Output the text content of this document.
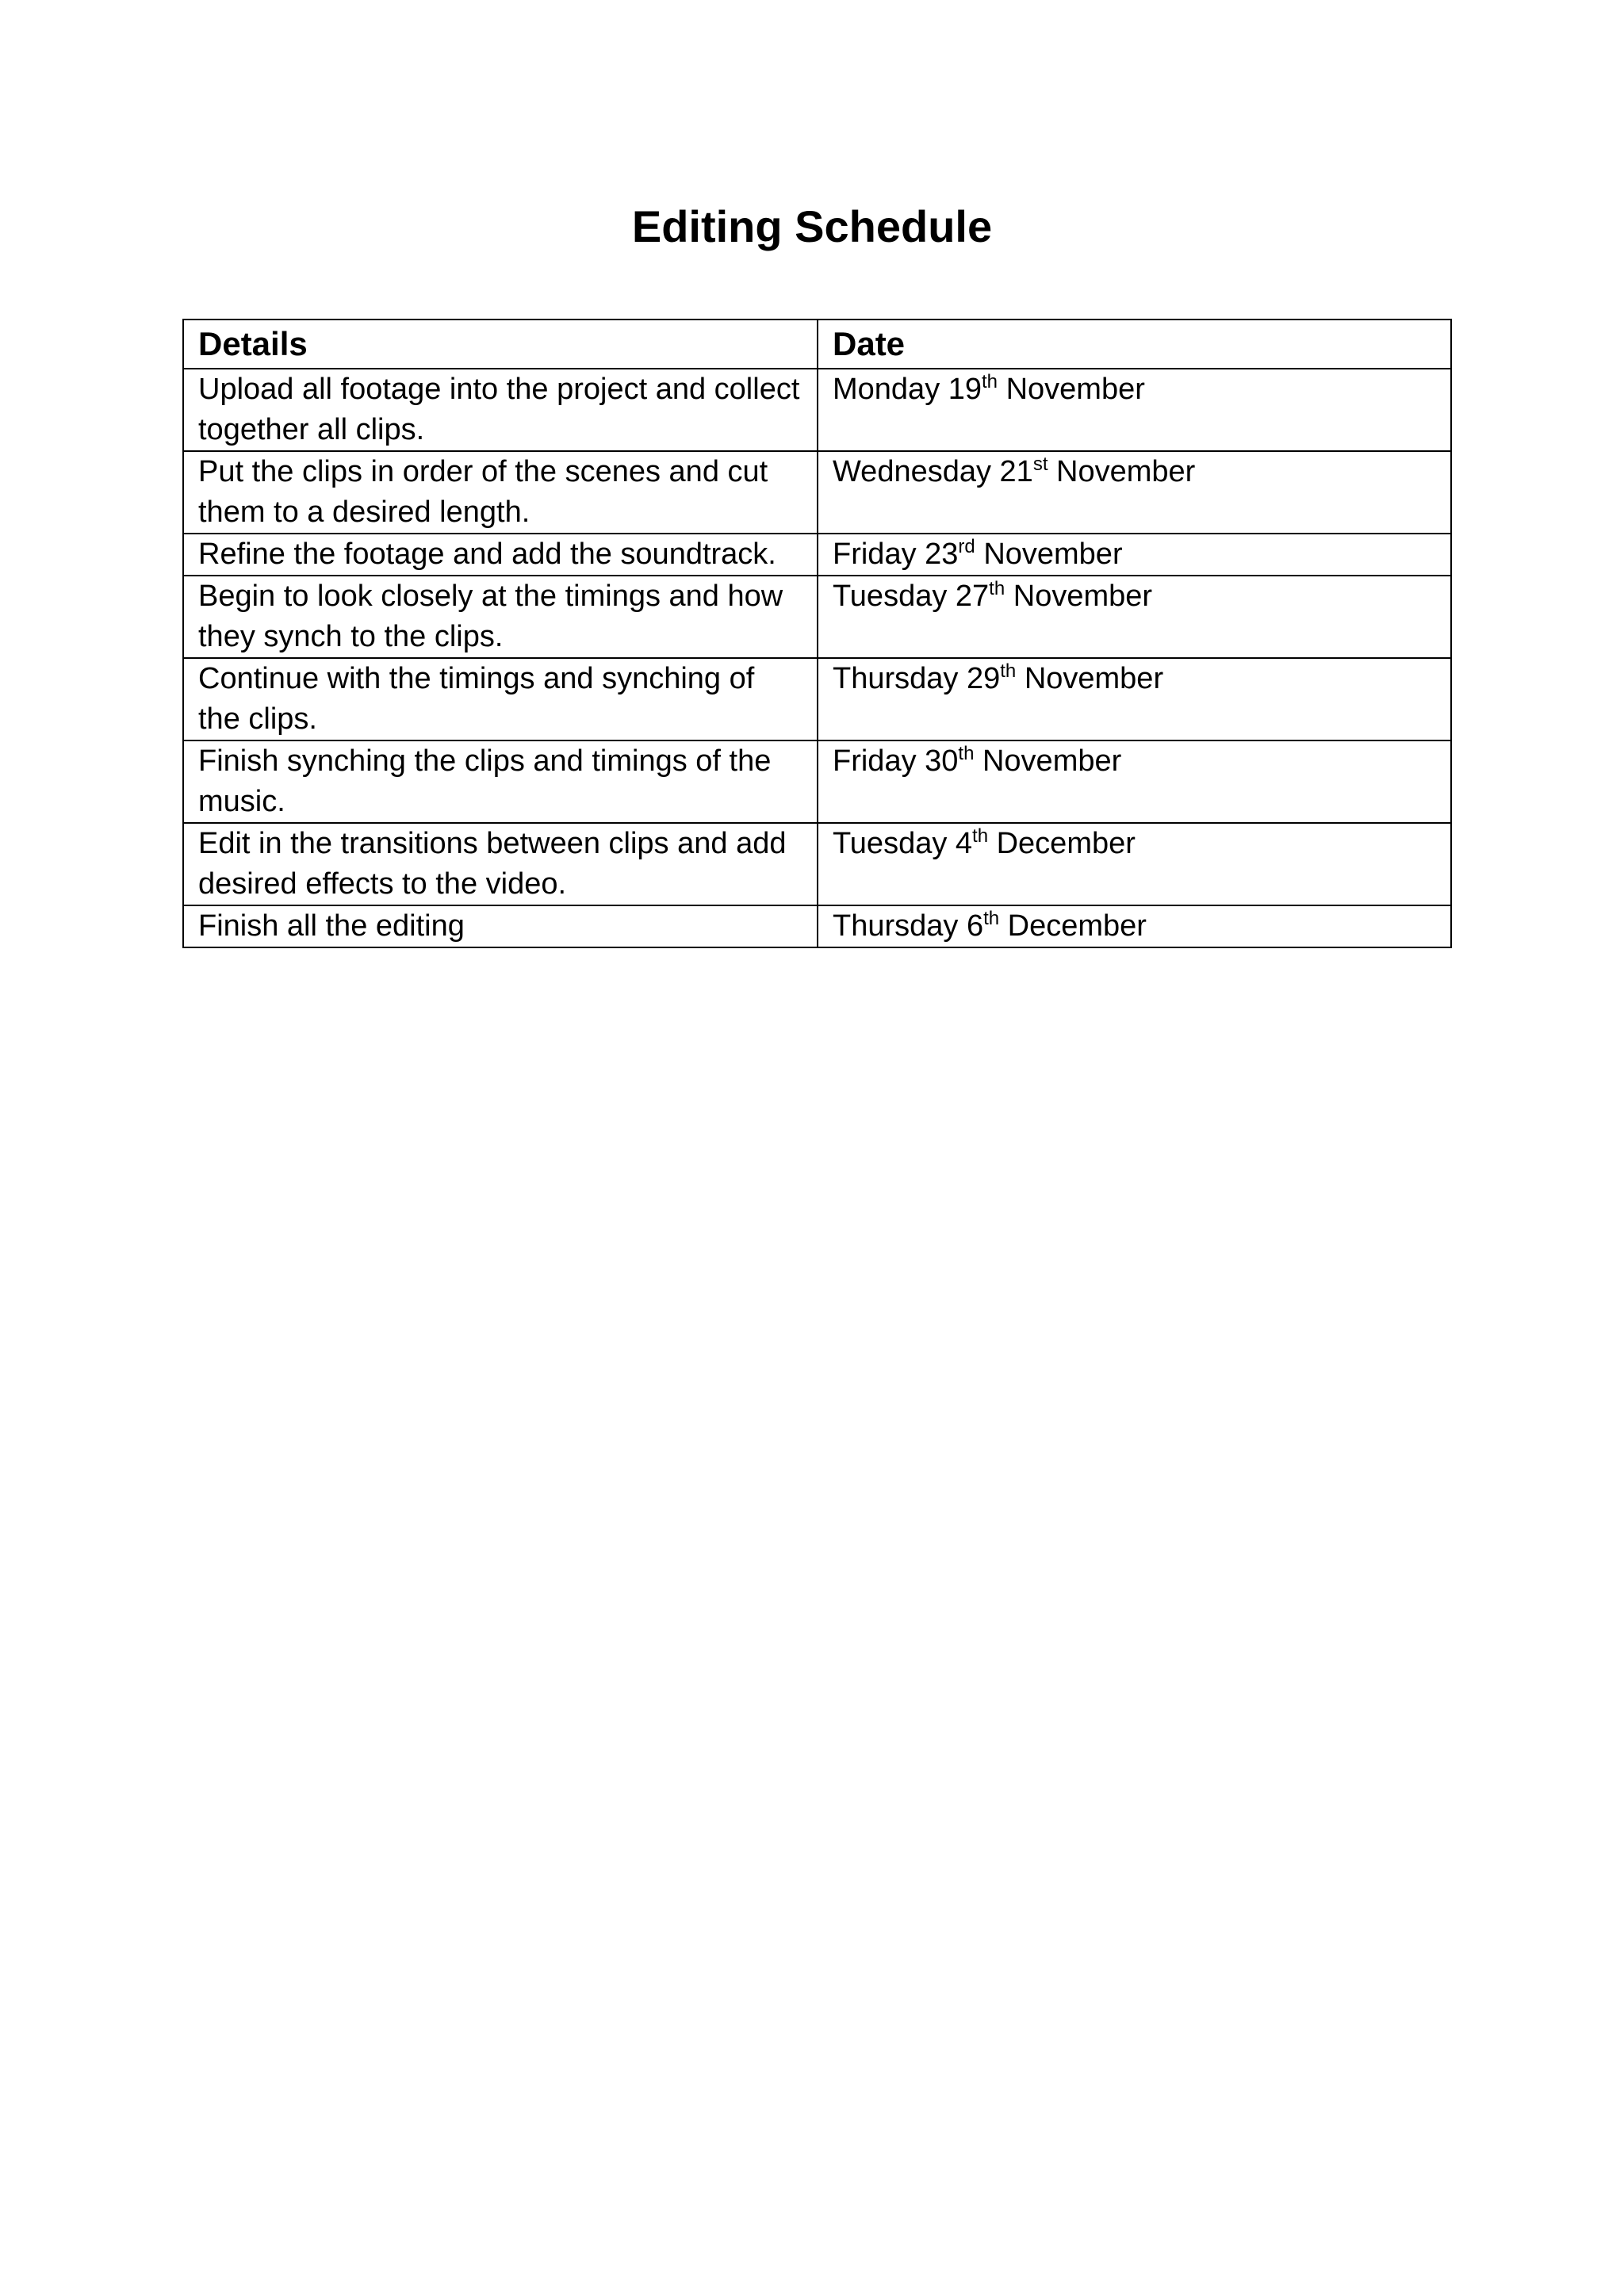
Editing Schedule
Details	Date
Upload all footage into the project and collect together all clips.	Monday 19th November
Put the clips in order of the scenes and cut them to a desired length.	Wednesday 21st November
Refine the footage and add the soundtrack.	Friday 23rd November
Begin to look closely at the timings and how they synch to the clips.	Tuesday 27th November
Continue with the timings and synching of the clips.	Thursday 29th November
Finish synching the clips and timings of the music.	Friday 30th November
Edit in the transitions between clips and add desired effects to the video.	Tuesday 4th December
Finish all the editing	Thursday 6th December
